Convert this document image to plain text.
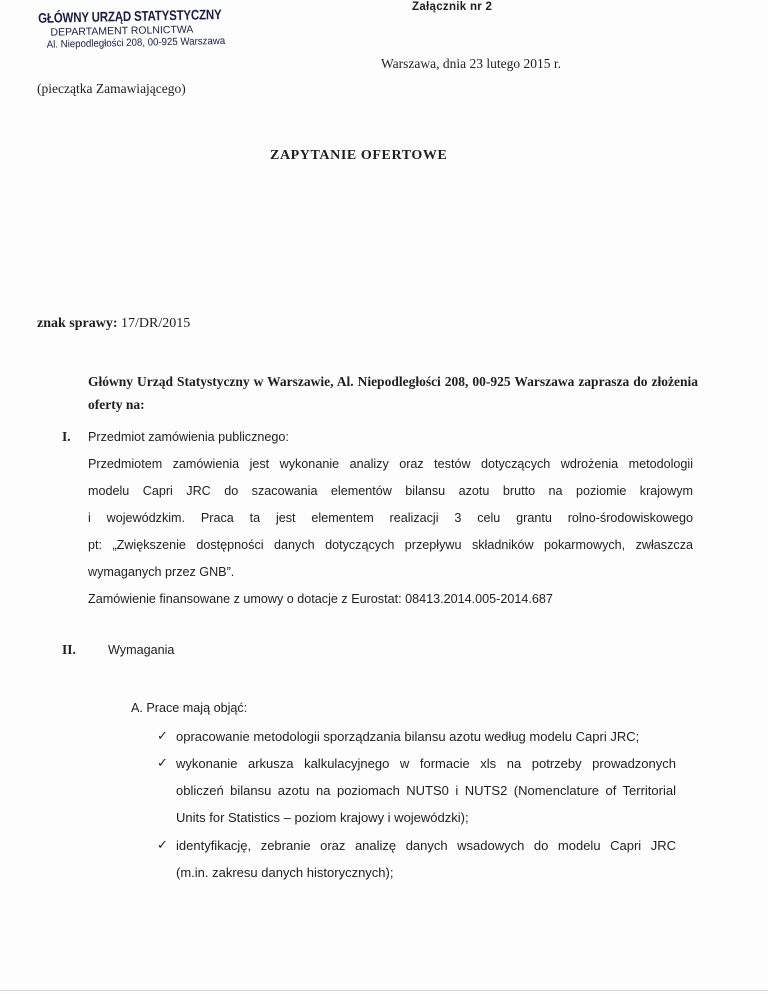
GŁÓWNY URZĄD STATYSTYCZNY
DEPARTAMENT ROLNICTWA
Al. Niepodległości 208, 00-925 Warszawa
Załącznik nr 2
Warszawa, dnia 23 lutego 2015 r.
(pieczątka Zamawiającego)
ZAPYTANIE OFERTOWE
znak sprawy: 17/DR/2015
Główny Urząd Statystyczny w Warszawie, Al. Niepodległości 208, 00-925 Warszawa zaprasza do złożenia oferty na:
I. Przedmiot zamówienia publicznego:
Przedmiotem zamówienia jest wykonanie analizy oraz testów dotyczących wdrożenia metodologii
modelu Capri JRC do szacowania elementów bilansu azotu brutto na poziomie krajowym
i wojewódzkim. Praca ta jest elementem realizacji 3 celu grantu rolno-środowiskowego
pt: „Zwiększenie dostępności danych dotyczących przepływu składników pokarmowych, zwłaszcza
wymaganych przez GNB”.
Zamówienie finansowane z umowy o dotacje z Eurostat: 08413.2014.005-2014.687
II.	Wymagania
A. Prace mają objąć:
✓ opracowanie metodologii sporządzania bilansu azotu według modelu Capri JRC;
✓ wykonanie arkusza kalkulacyjnego w formacie xls na potrzeby prowadzonych
obliczeń bilansu azotu na poziomach NUTS0 i NUTS2 (Nomenclature of Territorial
Units for Statistics – poziom krajowy i wojewódzki);
✓ identyfikację, zebranie oraz analizę danych wsadowych do modelu Capri JRC
(m.in. zakresu danych historycznych);
